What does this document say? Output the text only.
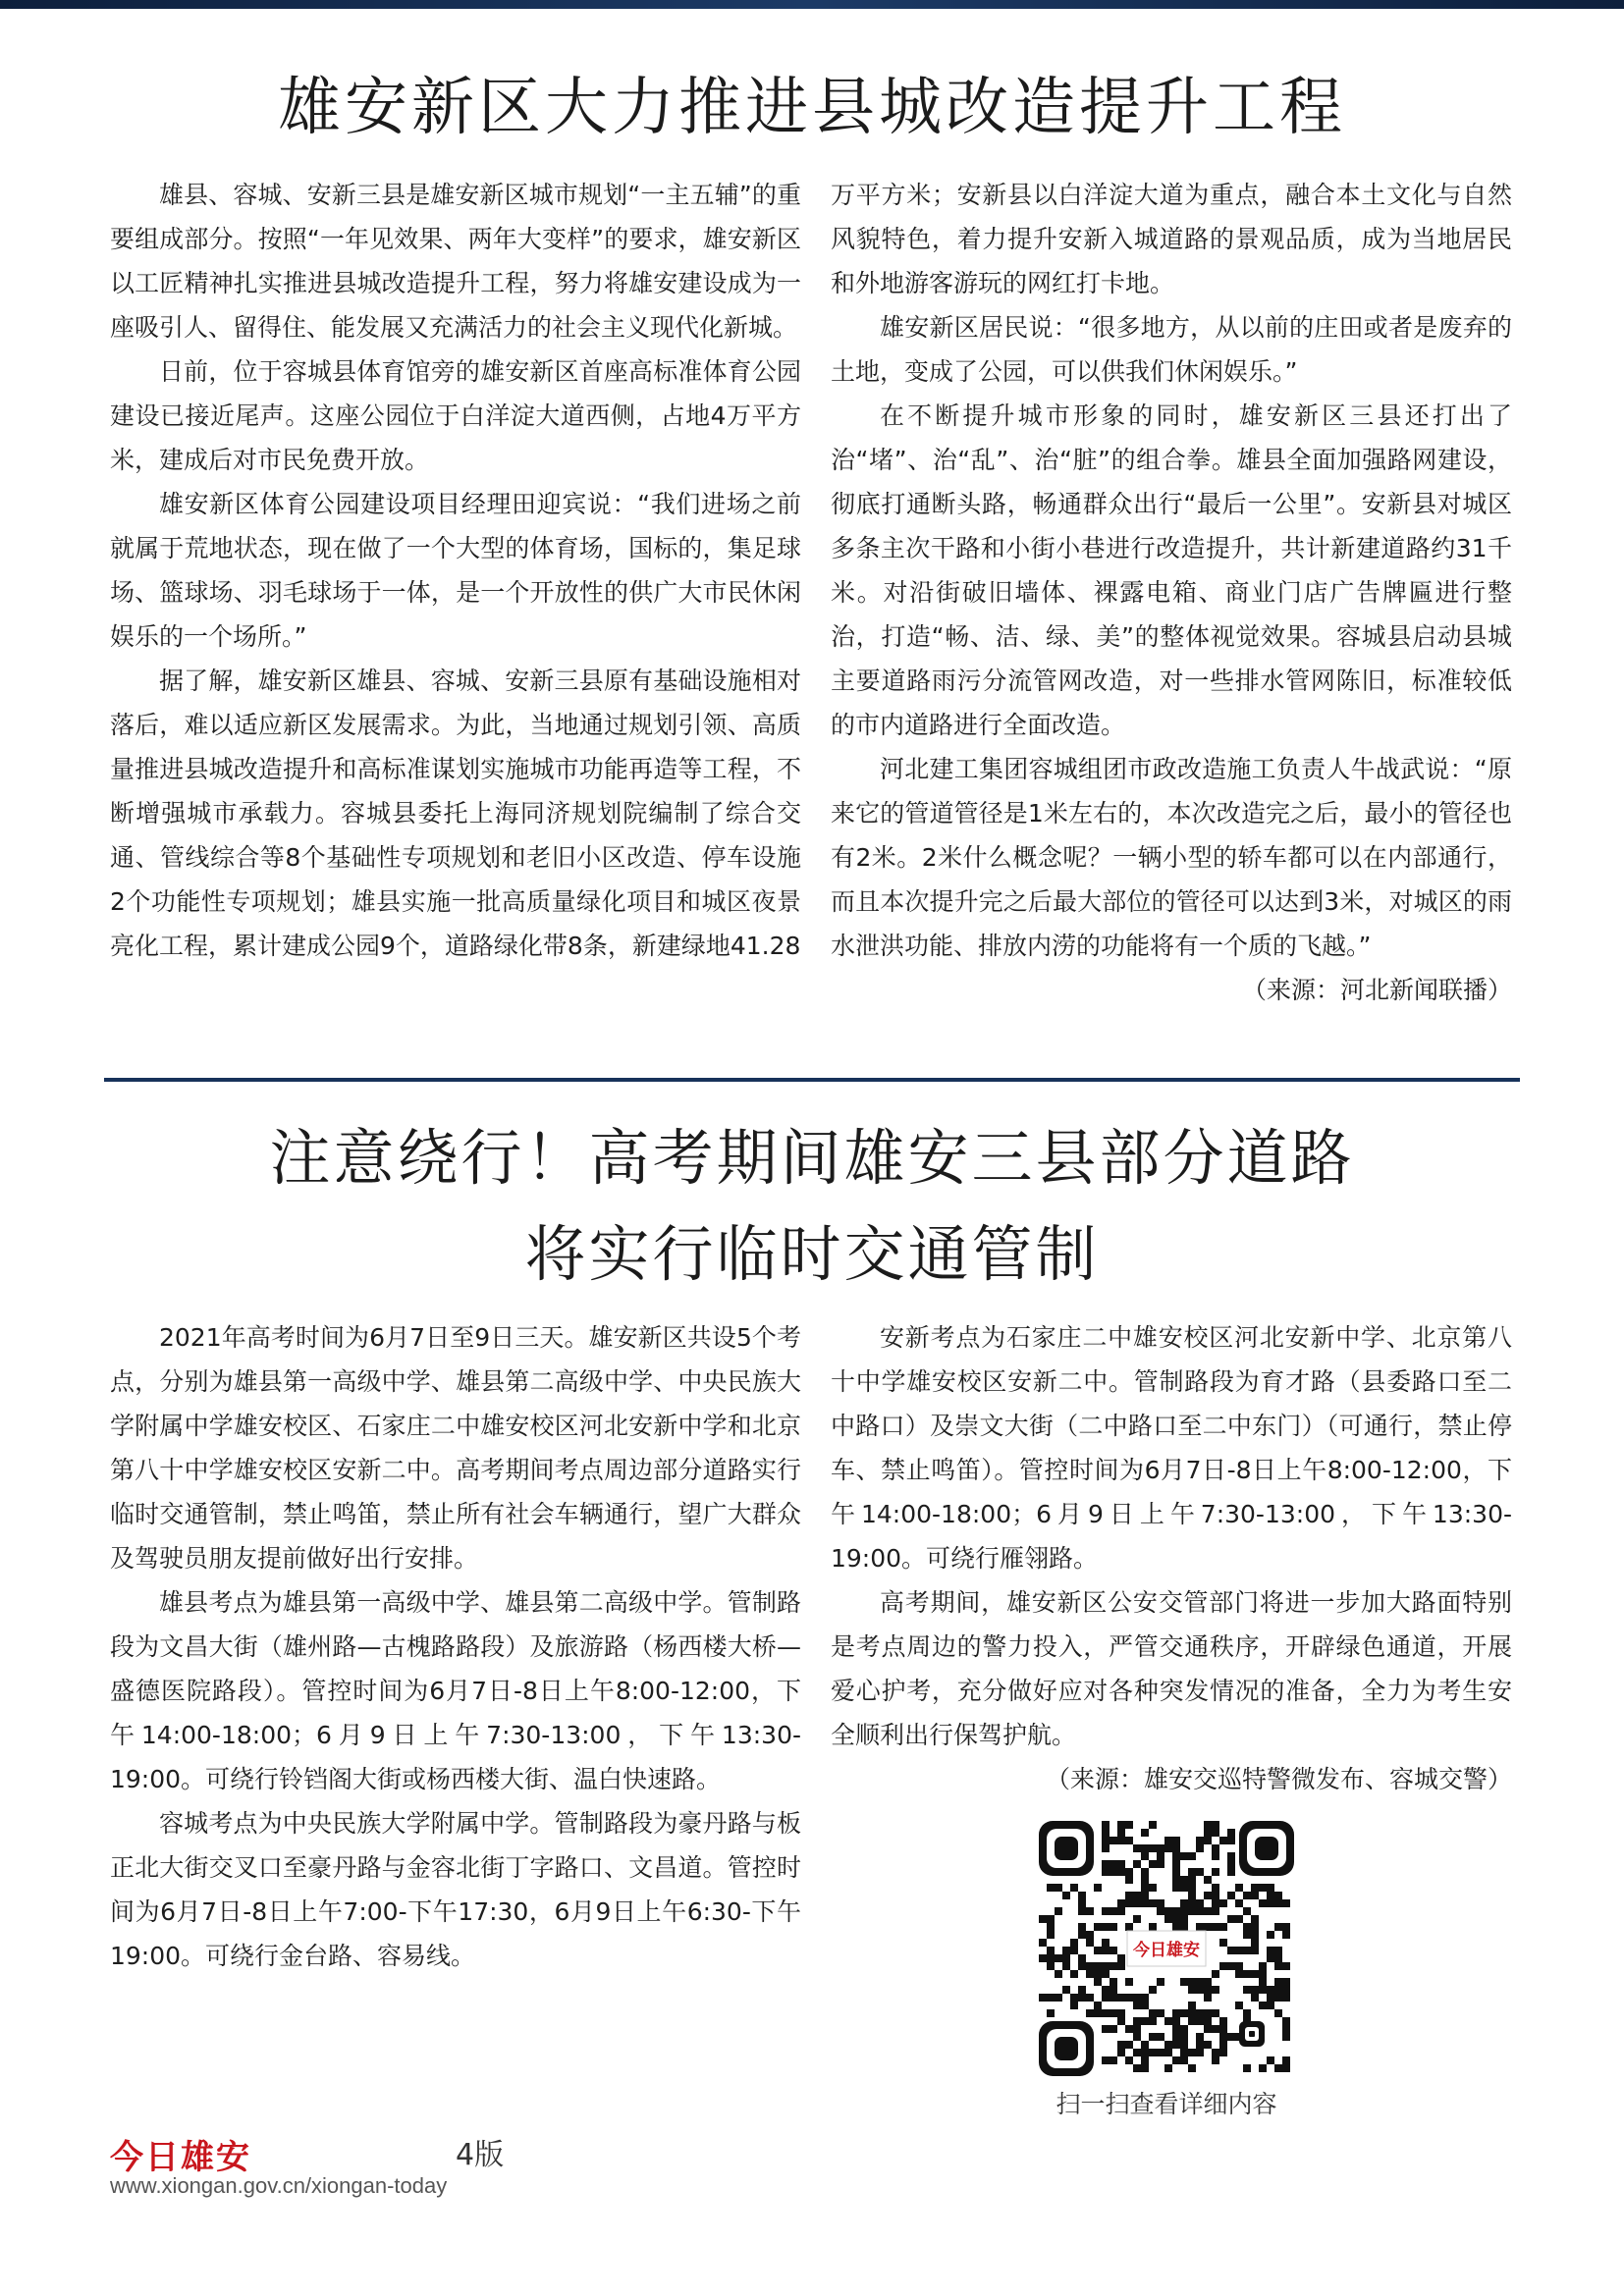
雄安新区大力推进县城改造提升工程

雄县、容城、安新三县是雄安新区城市规划“一主五辅”的重要组成部分。按照“一年见效果、两年大变样”的要求，雄安新区以工匠精神扎实推进县城改造提升工程，努力将雄安建设成为一座吸引人、留得住、能发展又充满活力的社会主义现代化新城。

日前，位于容城县体育馆旁的雄安新区首座高标准体育公园建设已接近尾声。这座公园位于白洋淀大道西侧，占地4万平方米，建成后对市民免费开放。

雄安新区体育公园建设项目经理田迎宾说：“我们进场之前就属于荒地状态，现在做了一个大型的体育场，国标的，集足球场、篮球场、羽毛球场于一体，是一个开放性的供广大市民休闲娱乐的一个场所。”

据了解，雄安新区雄县、容城、安新三县原有基础设施相对落后，难以适应新区发展需求。为此，当地通过规划引领、高质量推进县城改造提升和高标准谋划实施城市功能再造等工程，不断增强城市承载力。容城县委托上海同济规划院编制了综合交通、管线综合等8个基础性专项规划和老旧小区改造、停车设施2个功能性专项规划；雄县实施一批高质量绿化项目和城区夜景亮化工程，累计建成公园9个，道路绿化带8条，新建绿地41.28

万平方米；安新县以白洋淀大道为重点，融合本土文化与自然风貌特色，着力提升安新入城道路的景观品质，成为当地居民和外地游客游玩的网红打卡地。

雄安新区居民说：“很多地方，从以前的庄田或者是废弃的土地，变成了公园，可以供我们休闲娱乐。”

在不断提升城市形象的同时，雄安新区三县还打出了治“堵”、治“乱”、治“脏”的组合拳。雄县全面加强路网建设，彻底打通断头路，畅通群众出行“最后一公里”。安新县对城区多条主次干路和小街小巷进行改造提升，共计新建道路约31千米。对沿街破旧墙体、裸露电箱、商业门店广告牌匾进行整治，打造“畅、洁、绿、美”的整体视觉效果。容城县启动县城主要道路雨污分流管网改造，对一些排水管网陈旧，标准较低的市内道路进行全面改造。

河北建工集团容城组团市政改造施工负责人牛战武说：“原来它的管道管径是1米左右的，本次改造完之后，最小的管径也有2米。2米什么概念呢？一辆小型的轿车都可以在内部通行，而且本次提升完之后最大部位的管径可以达到3米，对城区的雨水泄洪功能、排放内涝的功能将有一个质的飞越。”

（来源：河北新闻联播）
注意绕行！高考期间雄安三县部分道路
将实行临时交通管制

2021年高考时间为6月7日至9日三天。雄安新区共设5个考点，分别为雄县第一高级中学、雄县第二高级中学、中央民族大学附属中学雄安校区、石家庄二中雄安校区河北安新中学和北京第八十中学雄安校区安新二中。高考期间考点周边部分道路实行临时交通管制，禁止鸣笛，禁止所有社会车辆通行，望广大群众及驾驶员朋友提前做好出行安排。

雄县考点为雄县第一高级中学、雄县第二高级中学。管制路段为文昌大街（雄州路—古槐路路段）及旅游路（杨西楼大桥—盛德医院路段）。管控时间为6月7日-8日上午8:00-12:00，下午14:00-18:00；6月9日上午7:30-13:00，下午13:30-19:00。可绕行铃铛阁大街或杨西楼大街、温白快速路。

容城考点为中央民族大学附属中学。管制路段为豪丹路与板正北大街交叉口至豪丹路与金容北街丁字路口、文昌道。管控时间为6月7日-8日上午7:00-下午17:30，6月9日上午6:30-下午19:00。可绕行金台路、容易线。

安新考点为石家庄二中雄安校区河北安新中学、北京第八十中学雄安校区安新二中。管制路段为育才路（县委路口至二中路口）及崇文大街（二中路口至二中东门）（可通行，禁止停车、禁止鸣笛）。管控时间为6月7日-8日上午8:00-12:00，下午14:00-18:00；6月9日上午7:30-13:00，下午13:30-19:00。可绕行雁翎路。

高考期间，雄安新区公安交管部门将进一步加大路面特别是考点周边的警力投入，严管交通秩序，开辟绿色通道，开展爱心护考，充分做好应对各种突发情况的准备，全力为考生安全顺利出行保驾护航。

（来源：雄安交巡特警微发布、容城交警）
今日雄安
扫一扫查看详细内容
今日雄安	4版
www.xiongan.gov.cn/xiongan-today
